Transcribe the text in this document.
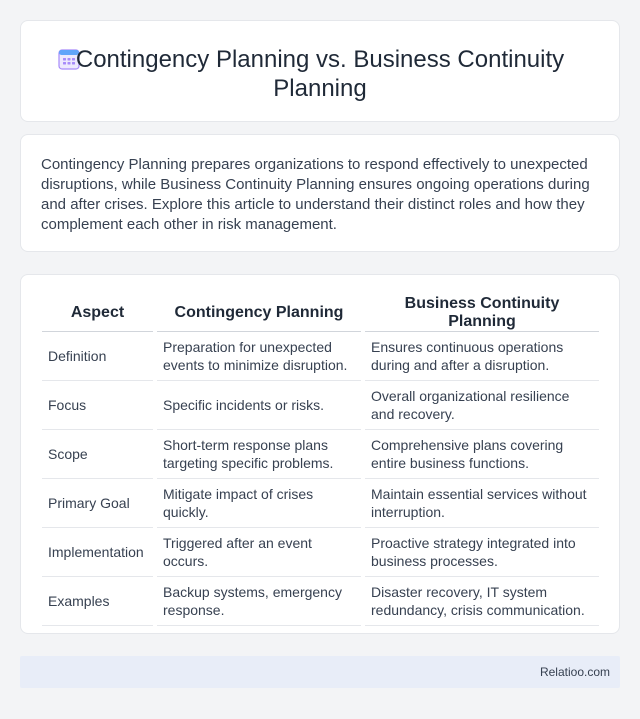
Contingency Planning vs. Business Continuity Planning

Contingency Planning prepares organizations to respond effectively to unexpected disruptions, while Business Continuity Planning ensures ongoing operations during and after crises. Explore this article to understand their distinct roles and how they complement each other in risk management.

Aspect	Contingency Planning	Business Continuity Planning
Definition	Preparation for unexpected events to minimize disruption.	Ensures continuous operations during and after a disruption.
Focus	Specific incidents or risks.	Overall organizational resilience and recovery.
Scope	Short-term response plans targeting specific problems.	Comprehensive plans covering entire business functions.
Primary Goal	Mitigate impact of crises quickly.	Maintain essential services without interruption.
Implementation	Triggered after an event occurs.	Proactive strategy integrated into business processes.
Examples	Backup systems, emergency response.	Disaster recovery, IT system redundancy, crisis communication.
Relatioo.com
